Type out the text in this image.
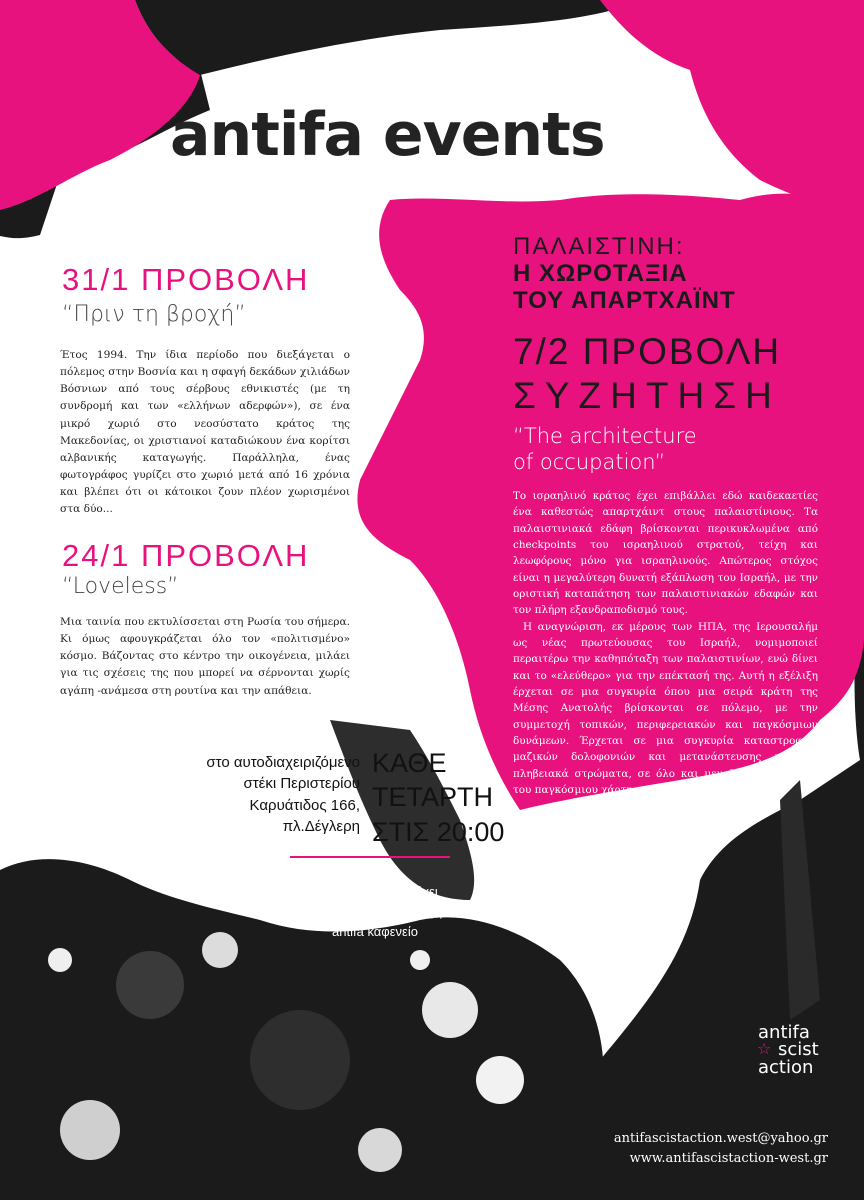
antifa events
31/1 ΠΡΟΒΟΛΗ
“Πριν τη βροχή”

Έτος 1994. Την ίδια περίοδο που διεξάγεται ο πόλεμος στην Βοσνία και η σφαγή δεκάδων χιλιάδων Βόσνιων από τους σέρβους εθνικιστές (με τη συνδρομή και των «ελλήνων αδερφών»), σε ένα μικρό χωριό στο νεοσύστατο κράτος της Μακεδονίας, οι χριστιανοί καταδιώκουν ένα κορίτσι αλβανικής καταγωγής. Παράλληλα, ένας φωτογράφος γυρίζει στο χωριό μετά από 16 χρόνια και βλέπει ότι οι κάτοικοι ζουν πλέον χωρισμένοι στα δύο...

24/1 ΠΡΟΒΟΛΗ
“Loveless”

Μια ταινία που εκτυλίσσεται στη Ρωσία του σήμερα. Κι όμως αφουγκράζεται όλο τον «πολιτισμένο» κόσμο. Βάζοντας στο κέντρο την οικογένεια, μιλάει για τις σχέσεις της που μπορεί να σέρνονται χωρίς αγάπη -ανάμεσα στη ρουτίνα και την απάθεια.

ΠΑΛΑΙΣΤΙΝΗ:
Η ΧΩΡΟΤΑΞΙΑ
ΤΟΥ ΑΠΑΡΤΧΑΪΝΤ
7/2 ΠΡΟΒΟΛΗ
ΣΥΖΗΤΗΣΗ
“The architecture
of occupation”

Το ισραηλινό κράτος έχει επιβάλλει εδώ καιδεκαετίες ένα καθεστώς απαρτχάιντ στους παλαιστίνιους. Τα παλαιστινιακά εδάφη βρίσκονται περικυκλωμένα από checkpoints του ισραηλινού στρατού, τείχη και λεωφόρους μόνο για ισραηλινούς. Απώτερος στόχος είναι η μεγαλύτερη δυνατή εξάπλωση του Ισραήλ, με την οριστική καταπάτηση των παλαιστινιακών εδαφών και τον πλήρη εξανδραποδισμό τους.

Η αναγνώριση, εκ μέρους των ΗΠΑ, της Ιερουσαλήμ ως νέας πρωτεύουσας του Ισραήλ, νομιμοποιεί περαιτέρω την καθηπόταξη των παλαιστινίων, ενώ δίνει και το «ελεύθερο» για την επέκτασή της. Αυτή η εξέλιξη έρχεται σε μια συγκυρία όπου μια σειρά κράτη της Μέσης Ανατολής βρίσκονται σε πόλεμο, με την συμμετοχή τοπικών, περιφερειακών και παγκόσμιων δυνάμεων. Έρχεται σε μια συγκυρία καταστροφής, μαζικών δολοφονιών και μετανάστευσης για τα πληβειακά στρώματα, σε όλο και μεγαλύτερα τμήματα του παγκόσμιου χάρτη.

στο αυτοδιαχειριζόμενο
στέκι Περιστερίου
Καρυάτιδος 166,
πλ.Δέγλερη
ΚΑΘΕ
ΤΕΤΑΡΤΗ
ΣΤΙΣ 20:00
τις μέρες που δεν έχει
κάποια προβολή λειτουργεί
antifa καφενείο
antifa
☆ scist
action
antifascistaction.west@yahoo.gr
www.antifascistaction-west.gr
